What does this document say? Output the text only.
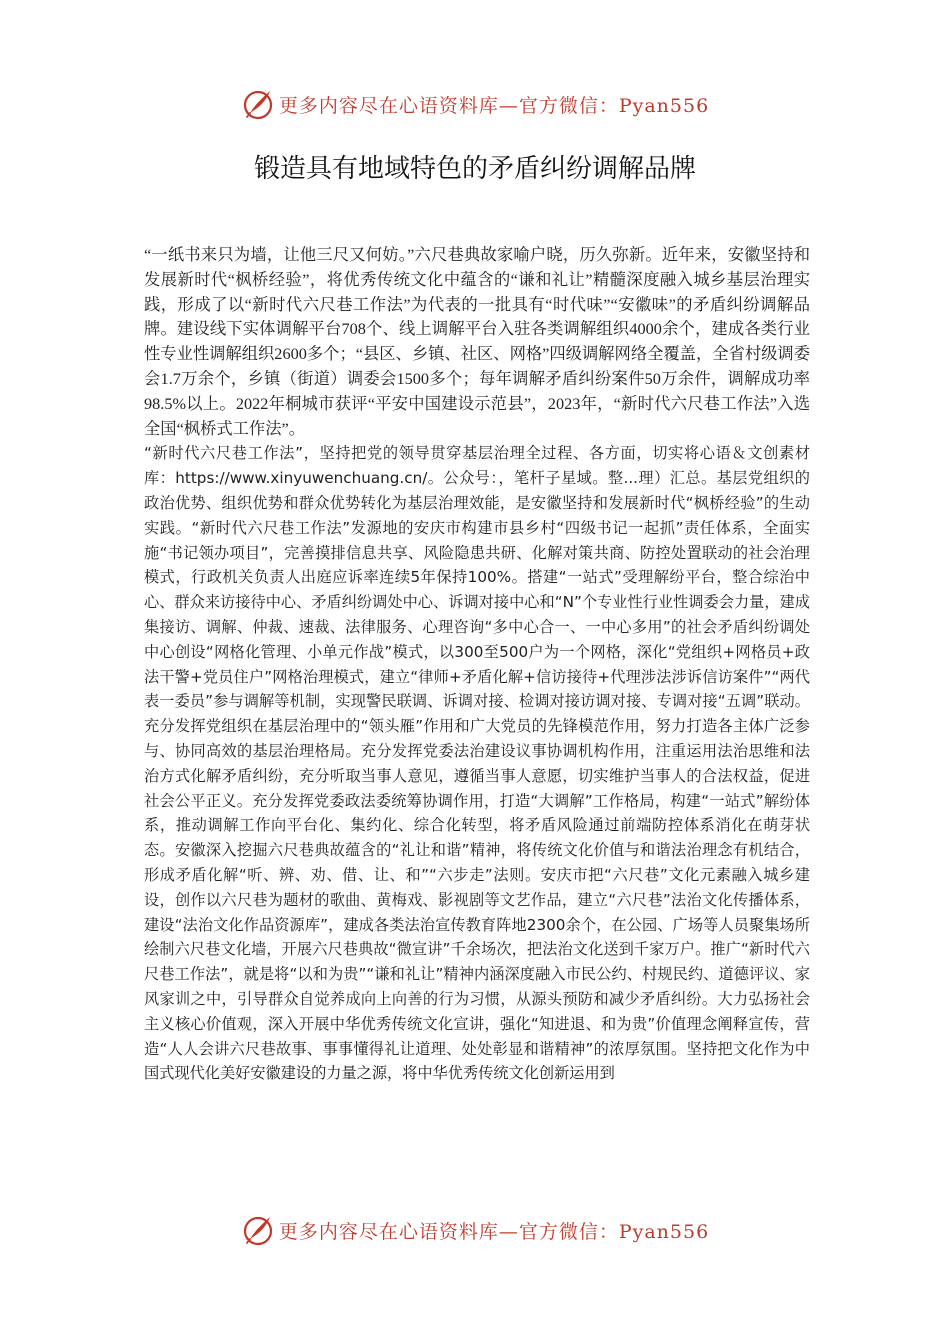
更多内容尽在心语资料库—官方微信：Pyan556
锻造具有地域特色的矛盾纠纷调解品牌

“一纸书来只为墙，让他三尺又何妨。”六尺巷典故家喻户晓，历久弥新。近年来，安徽坚持和发展新时代“枫桥经验”，将优秀传统文化中蕴含的“谦和礼让”精髓深度融入城乡基层治理实践，形成了以“新时代六尺巷工作法”为代表的一批具有“时代味”“安徽味”的矛盾纠纷调解品牌。建设线下实体调解平台708个、线上调解平台入驻各类调解组织4000余个，建成各类行业性专业性调解组织2600多个；“县区、乡镇、社区、网格”四级调解网络全覆盖，全省村级调委会1.7万余个，乡镇（街道）调委会1500多个；每年调解矛盾纠纷案件50万余件，调解成功率98.5%以上。2022年桐城市获评“平安中国建设示范县”，2023年，“新时代六尺巷工作法”入选全国“枫桥式工作法”。

“新时代六尺巷工作法”，坚持把党的领导贯穿基层治理全过程、各方面，切实将心语＆文创素材库：https://www.xinyuwenchuang.cn/。公众号：，笔杆子星域。整...理）汇总。基层党组织的政治优势、组织优势和群众优势转化为基层治理效能，是安徽坚持和发展新时代“枫桥经验”的生动实践。“新时代六尺巷工作法”发源地的安庆市构建市县乡村“四级书记一起抓”责任体系，全面实施“书记领办项目”，完善摸排信息共享、风险隐患共研、化解对策共商、防控处置联动的社会治理模式，行政机关负责人出庭应诉率连续5年保持100%。搭建“一站式”受理解纷平台，整合综治中心、群众来访接待中心、矛盾纠纷调处中心、诉调对接中心和“N”个专业性行业性调委会力量，建成集接访、调解、仲裁、速裁、法律服务、心理咨询“多中心合一、一中心多用”的社会矛盾纠纷调处中心创设“网格化管理、小单元作战”模式，以300至500户为一个网格，深化“党组织+网格员+政法干警+党员住户”网格治理模式，建立“律师+矛盾化解+信访接待+代理涉法涉诉信访案件”“两代表一委员”参与调解等机制，实现警民联调、诉调对接、检调对接访调对接、专调对接“五调”联动。充分发挥党组织在基层治理中的“领头雁”作用和广大党员的先锋模范作用，努力打造各主体广泛参与、协同高效的基层治理格局。充分发挥党委法治建设议事协调机构作用，注重运用法治思维和法治方式化解矛盾纠纷，充分听取当事人意见，遵循当事人意愿，切实维护当事人的合法权益，促进社会公平正义。充分发挥党委政法委统筹协调作用，打造“大调解”工作格局，构建“一站式”解纷体系，推动调解工作向平台化、集约化、综合化转型，将矛盾风险通过前端防控体系消化在萌芽状态。安徽深入挖掘六尺巷典故蕴含的“礼让和谐”精神，将传统文化价值与和谐法治理念有机结合，形成矛盾化解“听、辨、劝、借、让、和”“六步走”法则。安庆市把“六尺巷”文化元素融入城乡建设，创作以六尺巷为题材的歌曲、黄梅戏、影视剧等文艺作品，建立“六尺巷”法治文化传播体系，建设“法治文化作品资源库”，建成各类法治宣传教育阵地2300余个，在公园、广场等人员聚集场所绘制六尺巷文化墙，开展六尺巷典故“微宣讲”千余场次，把法治文化送到千家万户。推广“新时代六尺巷工作法”，就是将“以和为贵”“谦和礼让”精神内涵深度融入市民公约、村规民约、道德评议、家风家训之中，引导群众自觉养成向上向善的行为习惯，从源头预防和减少矛盾纠纷。大力弘扬社会主义核心价值观，深入开展中华优秀传统文化宣讲，强化“知进退、和为贵”价值理念阐释宣传，营造“人人会讲六尺巷故事、事事懂得礼让道理、处处彰显和谐精神”的浓厚氛围。坚持把文化作为中国式现代化美好安徽建设的力量之源，将中华优秀传统文化创新运用到

更多内容尽在心语资料库—官方微信：Pyan556
